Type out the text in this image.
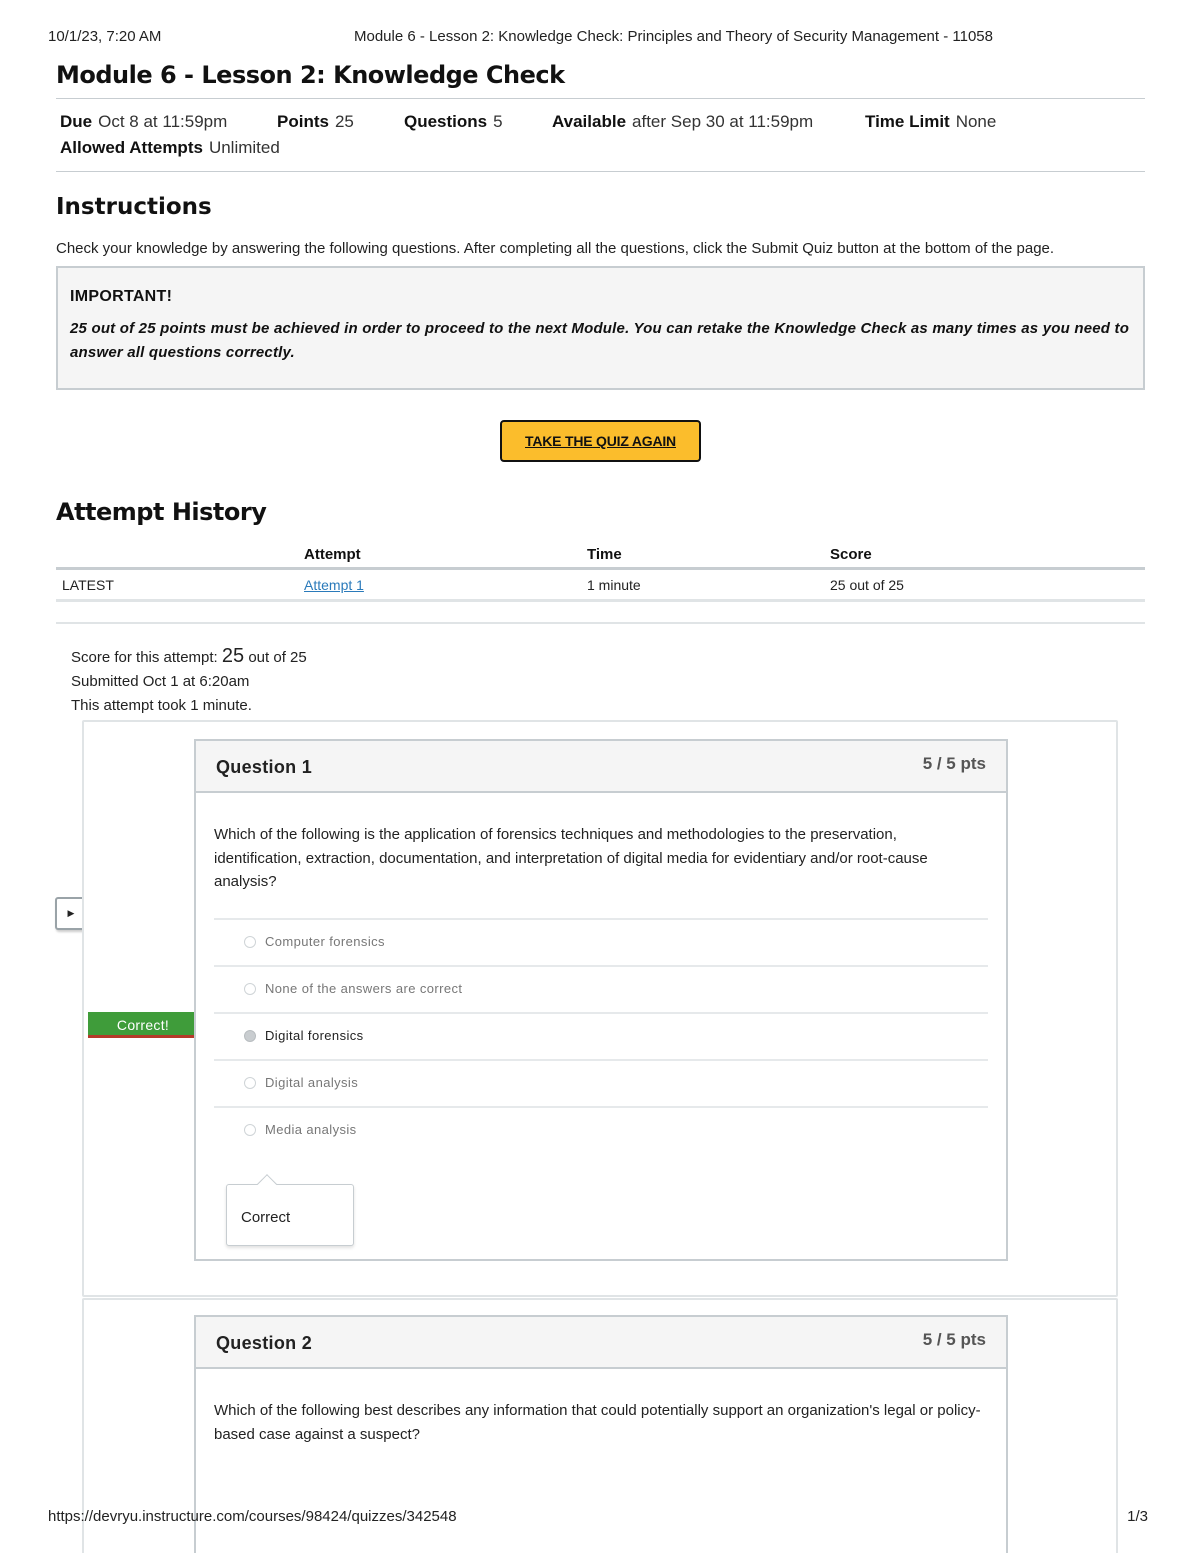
10/1/23, 7:20 AM	Module 6 - Lesson 2: Knowledge Check: Principles and Theory of Security Management - 11058
Module 6 - Lesson 2: Knowledge Check
Due Oct 8 at 11:59pm	Points 25	Questions 5	Available after Sep 30 at 11:59pm	Time Limit None
Allowed Attempts Unlimited
Instructions

Check your knowledge by answering the following questions. After completing all the questions, click the Submit Quiz button at the bottom of the page.

IMPORTANT!
25 out of 25 points must be achieved in order to proceed to the next Module. You can retake the Knowledge Check as many times as you need to answer all questions correctly.
TAKE THE QUIZ AGAIN
Attempt History
	Attempt	Time	Score
LATEST	Attempt 1	1 minute	25 out of 25
Score for this attempt: 25 out of 25
Submitted Oct 1 at 6:20am
This attempt took 1 minute.
▶
Correct!
Question 1	5 / 5 pts
Which of the following is the application of forensics techniques and methodologies to the preservation, identification, extraction, documentation, and interpretation of digital media for evidentiary and/or root-cause analysis?
Computer forensics
None of the answers are correct
Digital forensics
Digital analysis
Media analysis
Correct
Question 2	5 / 5 pts
Which of the following best describes any information that could potentially support an organization's legal or policy-based case against a suspect?
https://devryu.instructure.com/courses/98424/quizzes/342548	1/3
